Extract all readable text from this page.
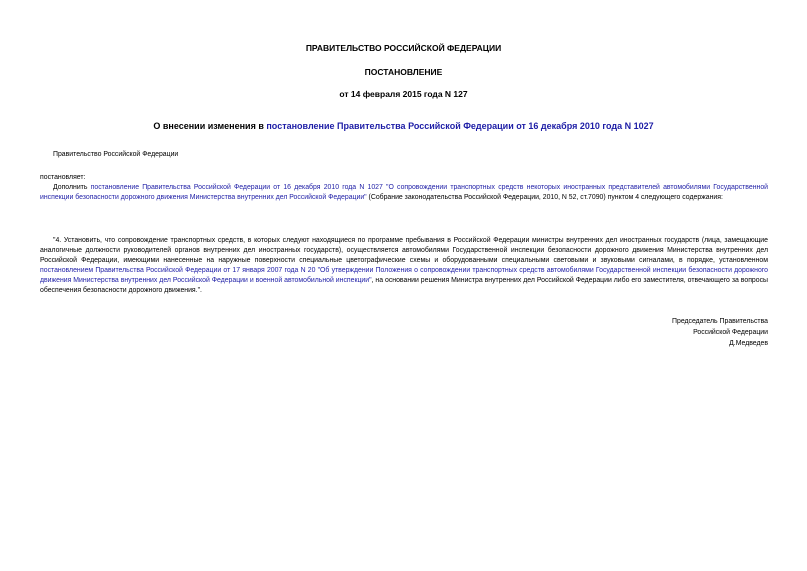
ПРАВИТЕЛЬСТВО РОССИЙСКОЙ ФЕДЕРАЦИИ
ПОСТАНОВЛЕНИЕ
от 14 февраля 2015 года N 127
О внесении изменения в постановление Правительства Российской Федерации от 16 декабря 2010 года N 1027
Правительство Российской Федерации
постановляет:
Дополнить постановление Правительства Российской Федерации от 16 декабря 2010 года N 1027 "О сопровождении транспортных средств некоторых иностранных представителей автомобилями Государственной инспекции безопасности дорожного движения Министерства внутренних дел Российской Федерации" (Собрание законодательства Российской Федерации, 2010, N 52, ст.7090) пунктом 4 следующего содержания:
"4. Установить, что сопровождение транспортных средств, в которых следуют находящиеся по программе пребывания в Российской Федерации министры внутренних дел иностранных государств (лица, замещающие аналогичные должности руководителей органов внутренних дел иностранных государств), осуществляется автомобилями Государственной инспекции безопасности дорожного движения Министерства внутренних дел Российской Федерации, имеющими нанесенные на наружные поверхности специальные цветографические схемы и оборудованными специальными световыми и звуковыми сигналами, в порядке, установленном постановлением Правительства Российской Федерации от 17 января 2007 года N 20 "Об утверждении Положения о сопровождении транспортных средств автомобилями Государственной инспекции безопасности дорожного движения Министерства внутренних дел Российской Федерации и военной автомобильной инспекции", на основании решения Министра внутренних дел Российской Федерации либо его заместителя, отвечающего за вопросы обеспечения безопасности дорожного движения.".
Председатель Правительства
Российской Федерации
Д.Медведев
